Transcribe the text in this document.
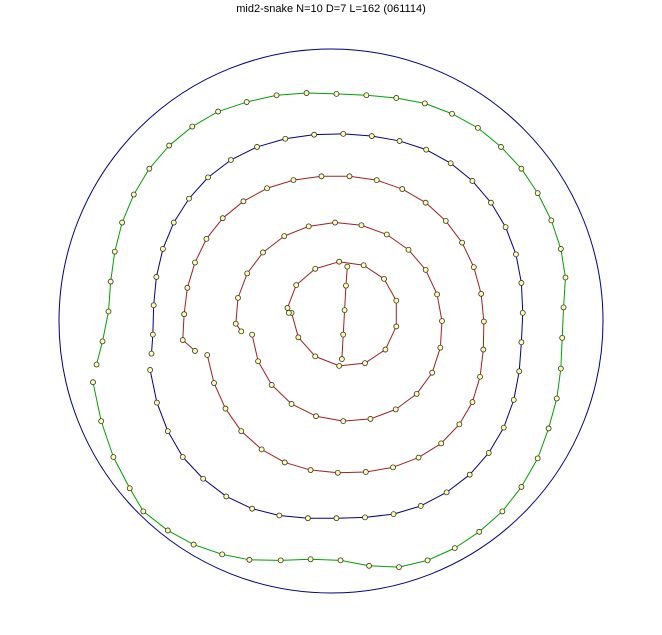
mid2-snake N=10 D=7 L=162 (061114)
